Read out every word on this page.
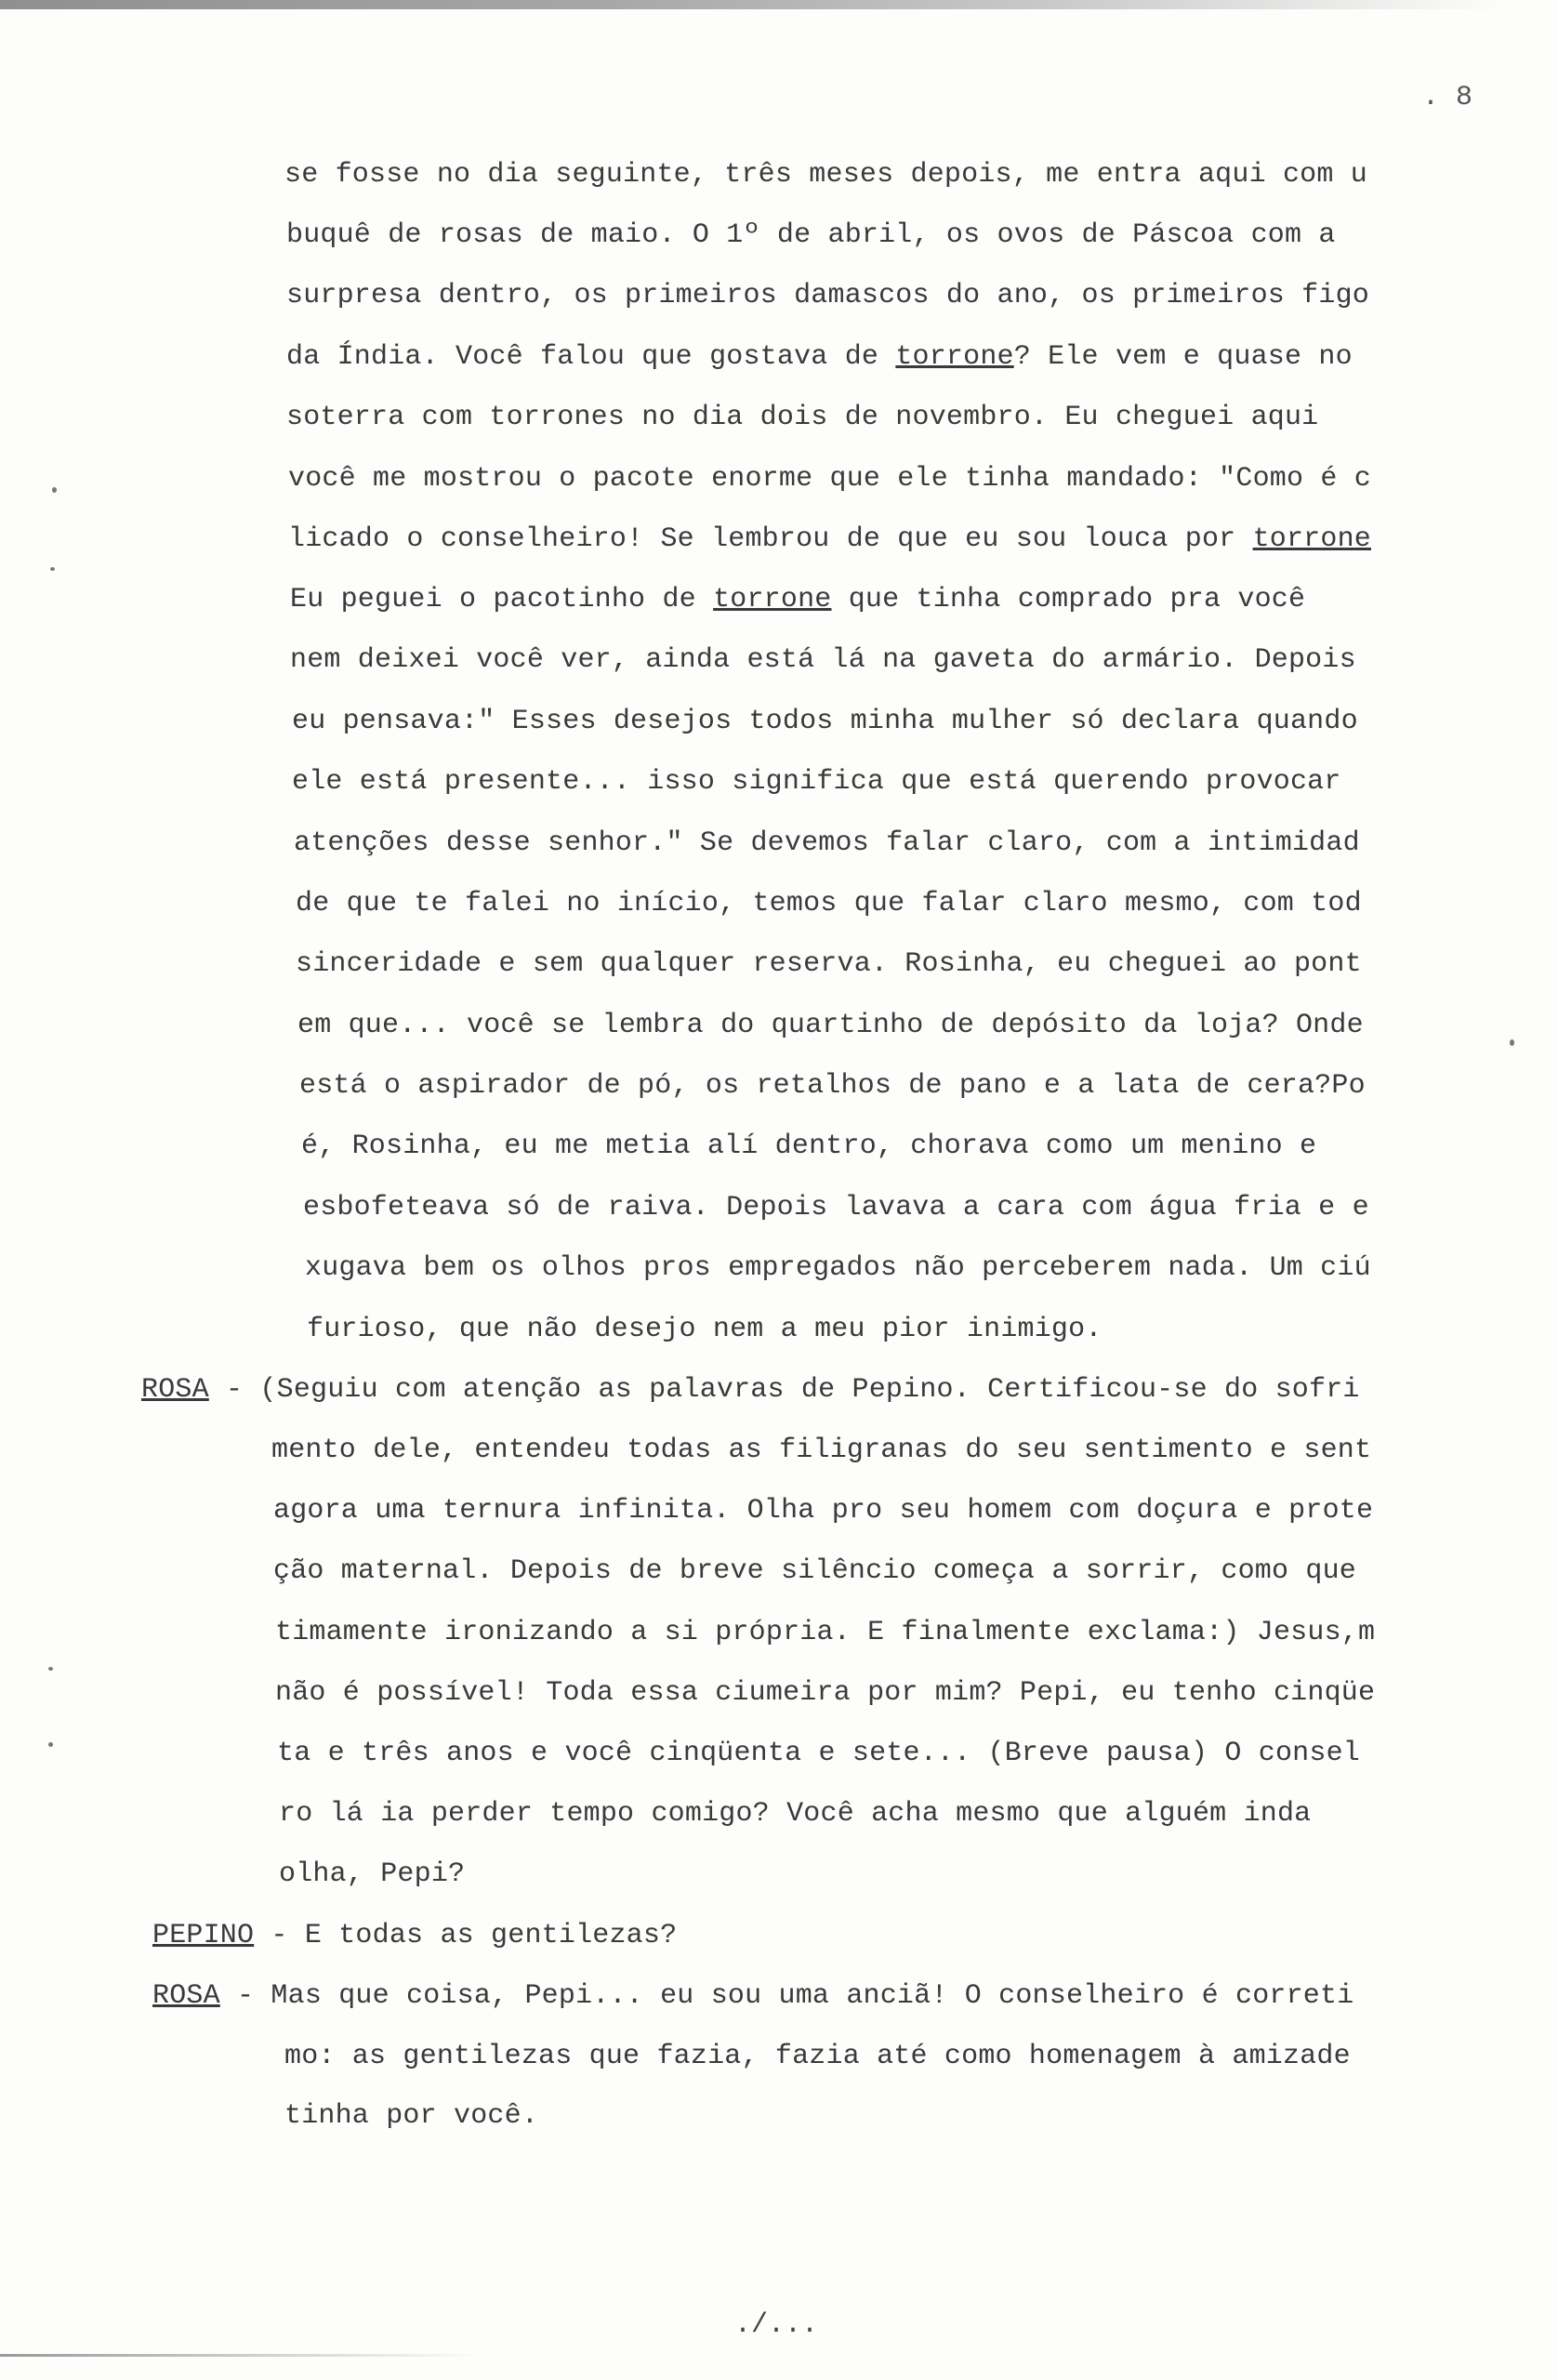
. 8
se fosse no dia seguinte, três meses depois, me entra aqui com u
buquê de rosas de maio. O 1º de abril, os ovos de Páscoa com a
surpresa dentro, os primeiros damascos do ano, os primeiros figo
da Índia. Você falou que gostava de torrone? Ele vem e quase no
soterra com torrones no dia dois de novembro. Eu cheguei aqui
você me mostrou o pacote enorme que ele tinha mandado: "Como é c
licado o conselheiro! Se lembrou de que eu sou louca por torrone
Eu peguei o pacotinho de torrone que tinha comprado pra você
nem deixei você ver, ainda está lá na gaveta do armário. Depois
eu pensava:" Esses desejos todos minha mulher só declara quando
ele está presente... isso significa que está querendo provocar
atenções desse senhor." Se devemos falar claro, com a intimidad
de que te falei no início, temos que falar claro mesmo, com tod
sinceridade e sem qualquer reserva. Rosinha, eu cheguei ao pont
em que... você se lembra do quartinho de depósito da loja? Onde
está o aspirador de pó, os retalhos de pano e a lata de cera?Po
é, Rosinha, eu me metia alí dentro, chorava como um menino e
esbofeteava só de raiva. Depois lavava a cara com água fria e e
xugava bem os olhos pros empregados não perceberem nada. Um ciú
furioso, que não desejo nem a meu pior inimigo.
ROSA - (Seguiu com atenção as palavras de Pepino. Certificou-se do sofri
mento dele, entendeu todas as filigranas do seu sentimento e sent
agora uma ternura infinita. Olha pro seu homem com doçura e prote
ção maternal. Depois de breve silêncio começa a sorrir, como que
timamente ironizando a si própria. E finalmente exclama:) Jesus,m
não é possível! Toda essa ciumeira por mim? Pepi, eu tenho cinqüe
ta e três anos e você cinqüenta e sete... (Breve pausa) O consel
ro lá ia perder tempo comigo? Você acha mesmo que alguém inda
olha, Pepi?
PEPINO - E todas as gentilezas?
ROSA - Mas que coisa, Pepi... eu sou uma anciã! O conselheiro é correti
mo: as gentilezas que fazia, fazia até como homenagem à amizade
tinha por você.
./...
